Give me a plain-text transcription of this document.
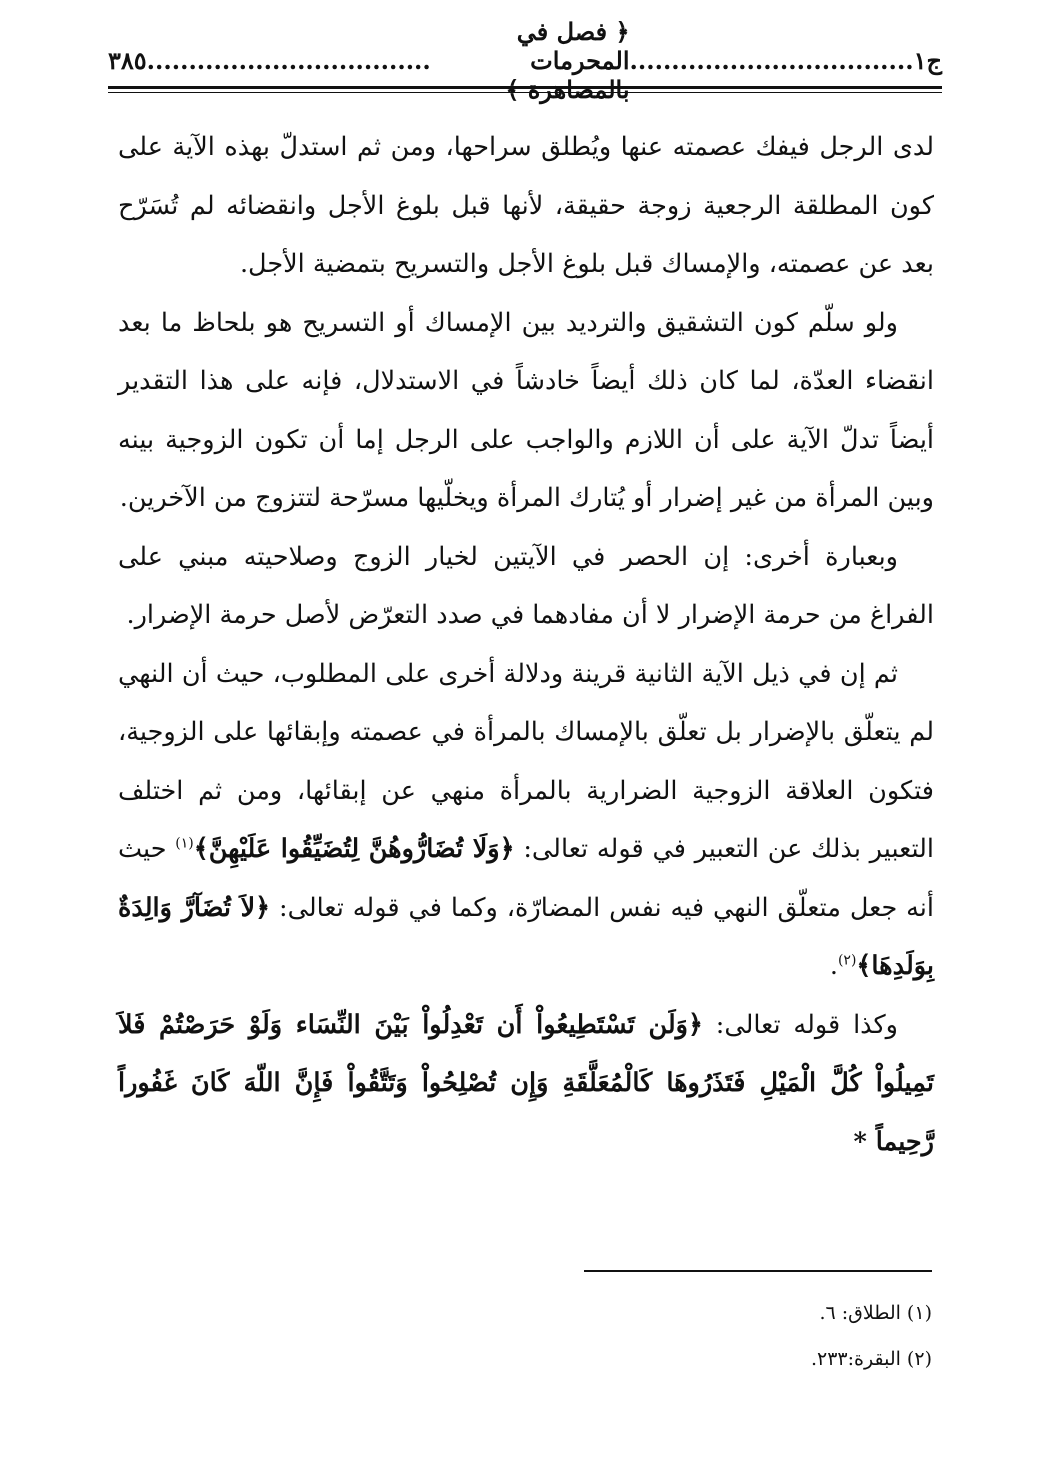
ج١
..................................
﴿ فصل في المحرمات بالمصاهرة ﴾
..................................
٣٨٥

لدى الرجل فيفك عصمته عنها ويُطلق سراحها، ومن ثم استدلّ بهذه الآية على كون المطلقة الرجعية زوجة حقيقة، لأنها قبل بلوغ الأجل وانقضائه لم تُسَرّح بعد عن عصمته، والإمساك قبل بلوغ الأجل والتسريح بتمضية الأجل.

ولو سلّم كون التشقيق والترديد بين الإمساك أو التسريح هو بلحاظ ما بعد انقضاء العدّة، لما كان ذلك أيضاً خادشاً في الاستدلال، فإنه على هذا التقدير أيضاً تدلّ الآية على أن اللازم والواجب على الرجل إما أن تكون الزوجية بينه وبين المرأة من غير إضرار أو يُتارك المرأة ويخلّيها مسرّحة لتتزوج من الآخرين.

وبعبارة أخرى: إن الحصر في الآيتين لخيار الزوج وصلاحيته مبني على الفراغ من حرمة الإضرار لا أن مفادهما في صدد التعرّض لأصل حرمة الإضرار.

ثم إن في ذيل الآية الثانية قرينة ودلالة أخرى على المطلوب، حيث أن النهي لم يتعلّق بالإضرار بل تعلّق بالإمساك بالمرأة في عصمته وإبقائها على الزوجية، فتكون العلاقة الزوجية الضرارية بالمرأة منهي عن إبقائها، ومن ثم اختلف التعبير بذلك عن التعبير في قوله تعالى: ﴿وَلَا تُضَارُّوهُنَّ لِتُضَيِّقُوا عَلَيْهِنَّ﴾$^{(١)}$ حيث أنه جعل متعلّق النهي فيه نفس المضارّة، وكما في قوله تعالى: ﴿لاَ تُضَآرَّ وَالِدَةٌ بِوَلَدِهَا﴾$^{(٢)}$.

وكذا قوله تعالى: ﴿وَلَن تَسْتَطِيعُواْ أَن تَعْدِلُواْ بَيْنَ النِّسَاء وَلَوْ حَرَصْتُمْ فَلاَ تَمِيلُواْ كُلَّ الْمَيْلِ فَتَذَرُوهَا كَالْمُعَلَّقَةِ وَإِن تُصْلِحُواْ وَتَتَّقُواْ فَإِنَّ اللّهَ كَانَ غَفُوراً رَّحِيماً *

(١) الطلاق: ٦.
(٢) البقرة:٢٣٣.
